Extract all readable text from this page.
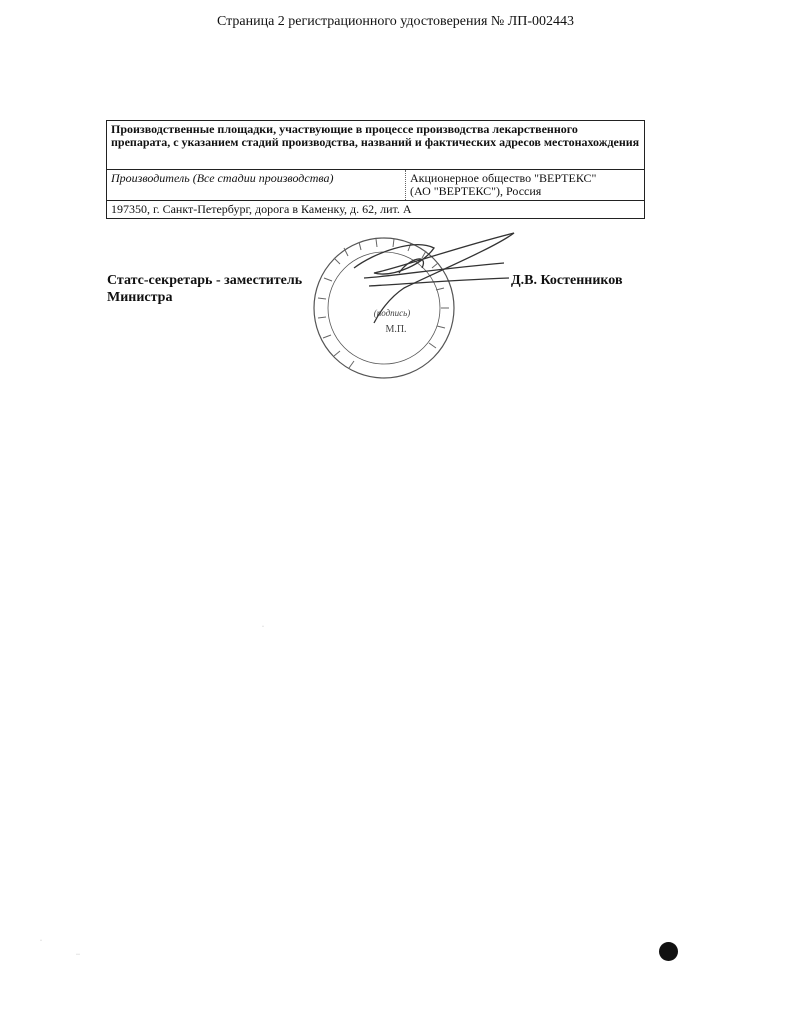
Страница 2 регистрационного удостоверения № ЛП-002443
Производственные площадки, участвующие в процессе производства лекарственного препарата, с указанием стадий производства, названий и фактических адресов местонахождения
Производитель (Все стадии производства)	Акционерное общество "ВЕРТЕКС"
(АО "ВЕРТЕКС"), Россия

197350, г. Санкт-Петербург, дорога в Каменку, д. 62, лит. А
Статс-секретарь - заместитель
Министра
Д.В. Костенников
(подпись)
М.П.
·
··
·
